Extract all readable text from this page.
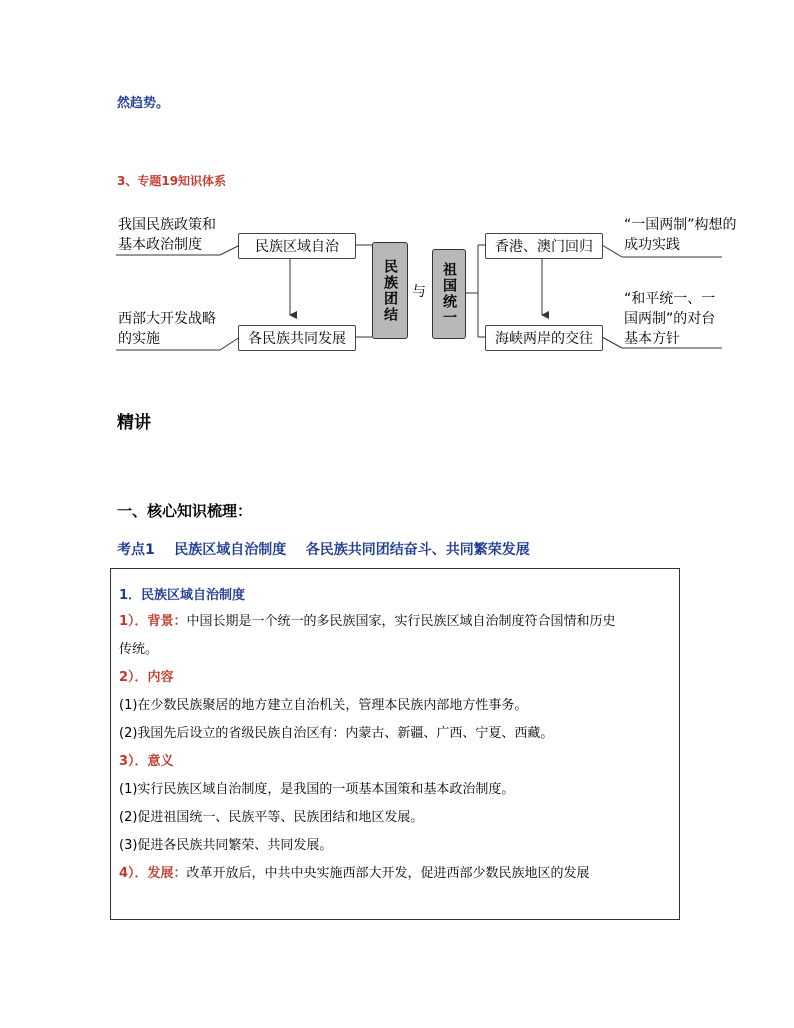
然趋势。
3、专题19知识体系
我国民族政策和
基本政治制度
西部大开发战略
的实施
民族区域自治
各民族共同发展
民族团结	与	祖国统一
香港、澳门回归
海峡两岸的交往
“一国两制”构想的
成功实践
“和平统一、一
国两制”的对台
基本方针
精讲
一、核心知识梳理：
考点1    民族区域自治制度    各民族共同团结奋斗、共同繁荣发展
1．民族区域自治制度
1）．背景：中国长期是一个统一的多民族国家，实行民族区域自治制度符合国情和历史
传统。
2）．内容
(1)在少数民族聚居的地方建立自治机关，管理本民族内部地方性事务。
(2)我国先后设立的省级民族自治区有：内蒙古、新疆、广西、宁夏、西藏。
3）．意义
(1)实行民族区域自治制度，是我国的一项基本国策和基本政治制度。
(2)促进祖国统一、民族平等、民族团结和地区发展。
(3)促进各民族共同繁荣、共同发展。
4）．发展：改革开放后，中共中央实施西部大开发，促进西部少数民族地区的发展
